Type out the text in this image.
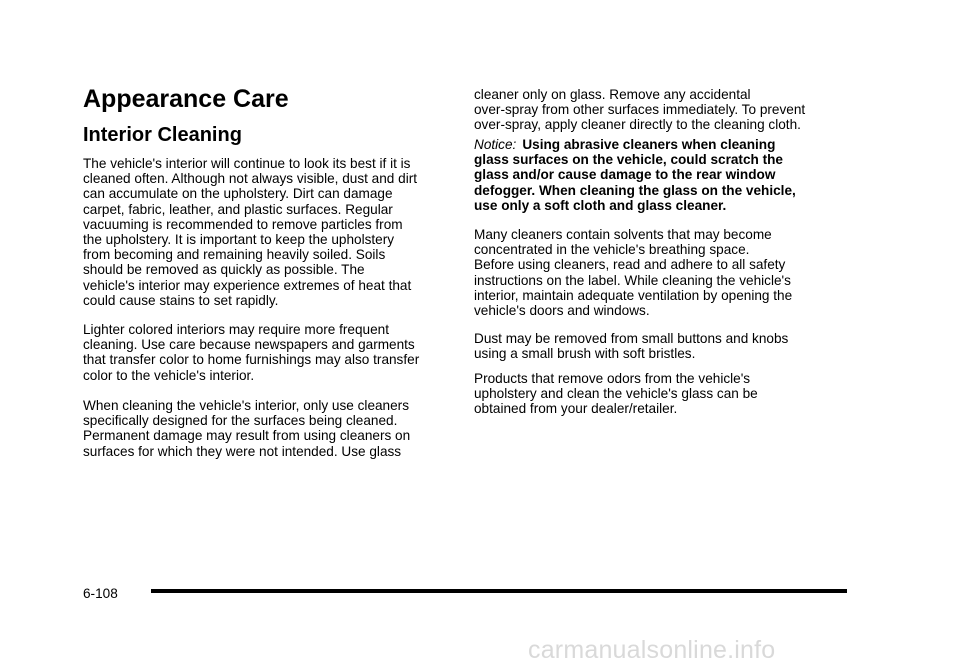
Appearance Care
Interior Cleaning

The vehicle's interior will continue to look its best if it is
cleaned often. Although not always visible, dust and dirt
can accumulate on the upholstery. Dirt can damage
carpet, fabric, leather, and plastic surfaces. Regular
vacuuming is recommended to remove particles from
the upholstery. It is important to keep the upholstery
from becoming and remaining heavily soiled. Soils
should be removed as quickly as possible. The
vehicle's interior may experience extremes of heat that
could cause stains to set rapidly.

Lighter colored interiors may require more frequent
cleaning. Use care because newspapers and garments
that transfer color to home furnishings may also transfer
color to the vehicle's interior.

When cleaning the vehicle's interior, only use cleaners
specifically designed for the surfaces being cleaned.
Permanent damage may result from using cleaners on
surfaces for which they were not intended. Use glass

cleaner only on glass. Remove any accidental
over-spray from other surfaces immediately. To prevent
over-spray, apply cleaner directly to the cleaning cloth.

Notice: Using abrasive cleaners when cleaning
glass surfaces on the vehicle, could scratch the
glass and/or cause damage to the rear window
defogger. When cleaning the glass on the vehicle,
use only a soft cloth and glass cleaner.

Many cleaners contain solvents that may become
concentrated in the vehicle's breathing space.
Before using cleaners, read and adhere to all safety
instructions on the label. While cleaning the vehicle's
interior, maintain adequate ventilation by opening the
vehicle's doors and windows.

Dust may be removed from small buttons and knobs
using a small brush with soft bristles.

Products that remove odors from the vehicle's
upholstery and clean the vehicle's glass can be
obtained from your dealer/retailer.

6-108
carmanualsonline.info
